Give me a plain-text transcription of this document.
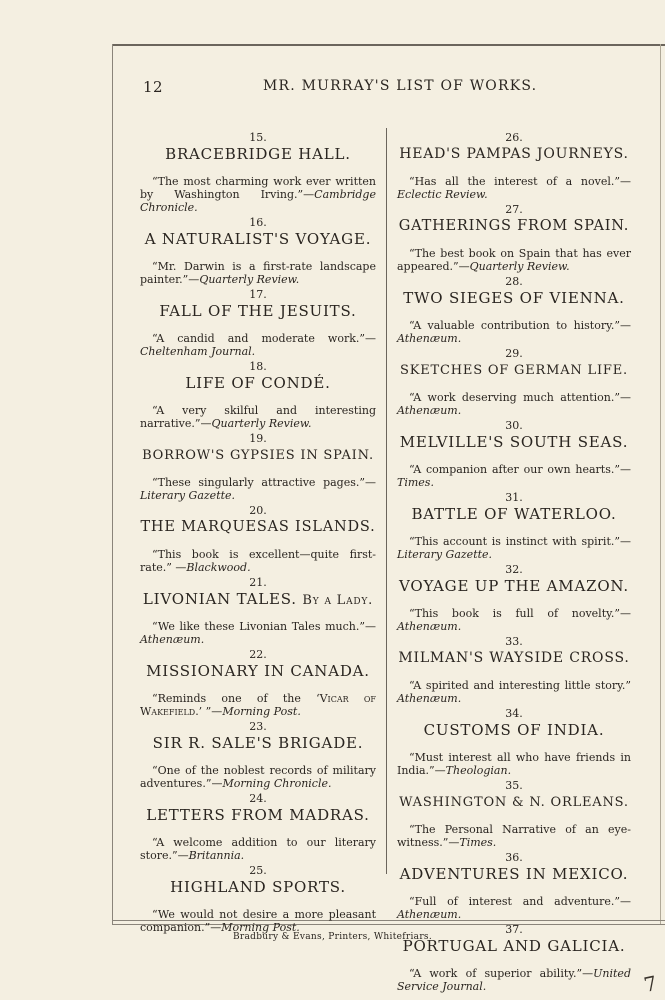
12	MR. MURRAY'S LIST OF WORKS.
15.
BRACEBRIDGE HALL.

“The most charming work ever written by Washington Irving.”—Cambridge Chronicle.

16.
A NATURALIST'S VOYAGE.

“Mr. Darwin is a first-rate landscape painter.”—Quarterly Review.

17.
FALL OF THE JESUITS.

“A candid and moderate work.”—Cheltenham Journal.

18.
LIFE OF CONDÉ.

“A very skilful and interesting narrative.”—Quarterly Review.

19.
BORROW'S GYPSIES IN SPAIN.

“These singularly attractive pages.”—Literary Gazette.

20.
THE MARQUESAS ISLANDS.

“This book is excellent—quite first-rate.” —Blackwood.

21.
LIVONIAN TALES. By a Lady.

“We like these Livonian Tales much.”—Athenæum.

22.
MISSIONARY IN CANADA.

“Reminds one of the ‘Vicar of Wakefield.’ ”—Morning Post.

23.
SIR R. SALE'S BRIGADE.

“One of the noblest records of military adventures.”—Morning Chronicle.

24.
LETTERS FROM MADRAS.

“A welcome addition to our literary store.”—Britannia.

25.
HIGHLAND SPORTS.

“We would not desire a more pleasant companion.”—Morning Post.

26.
HEAD'S PAMPAS JOURNEYS.

“Has all the interest of a novel.”—Eclectic Review.

27.
GATHERINGS FROM SPAIN.

“The best book on Spain that has ever appeared.”—Quarterly Review.

28.
TWO SIEGES OF VIENNA.

“A valuable contribution to history.”—Athenæum.

29.
SKETCHES OF GERMAN LIFE.

“A work deserving much attention.”—Athenæum.

30.
MELVILLE'S SOUTH SEAS.

“A companion after our own hearts.”—Times.

31.
BATTLE OF WATERLOO.

“This account is instinct with spirit.”—Literary Gazette.

32.
VOYAGE UP THE AMAZON.

“This book is full of novelty.”—Athenæum.

33.
MILMAN'S WAYSIDE CROSS.

“A spirited and interesting little story.” Athenæum.

34.
CUSTOMS OF INDIA.

“Must interest all who have friends in India.”—Theologian.

35.
WASHINGTON & N. ORLEANS.

“The Personal Narrative of an eye-witness.”—Times.

36.
ADVENTURES IN MEXICO.

“Full of interest and adventure.”—Athenæum.

37.
PORTUGAL AND GALICIA.

“A work of superior ability.”—United Service Journal.

Bradbury & Evans, Printers, Whitefriars.
7
